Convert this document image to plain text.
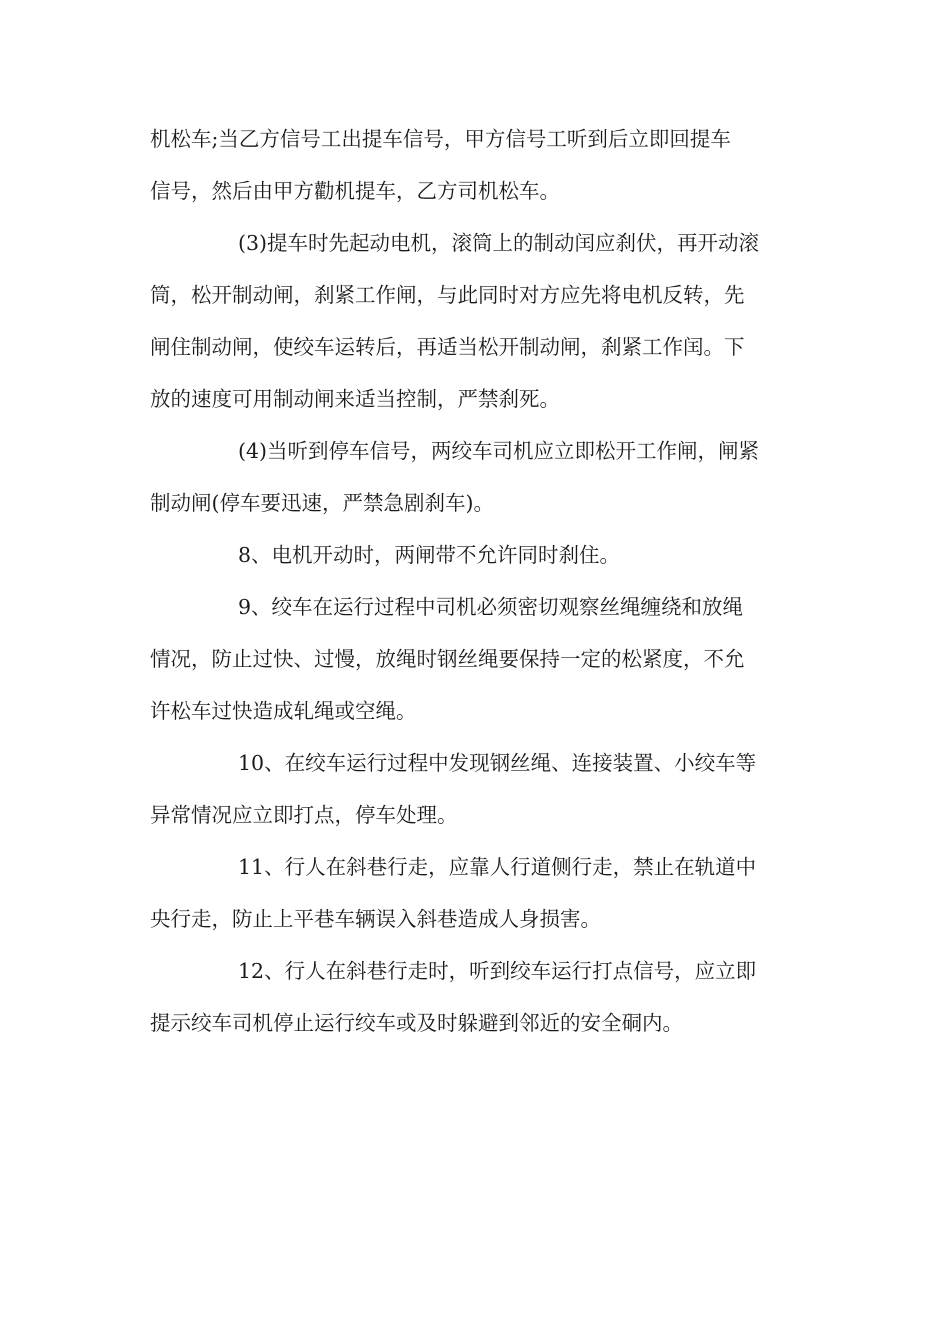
机松车;当乙方信号工出提车信号，甲方信号工听到后立即回提车
信号，然后由甲方勸机提车，乙方司机松车。
(3)提车时先起动电机，滚筒上的制动闰应刹伏，再开动滚
筒，松开制动闸，刹紧工作闸，与此同时对方应先将电机反转，先
闸住制动闸，使绞车运转后，再适当松开制动闸，刹紧工作闰。下
放的速度可用制动闸来适当控制，严禁刹死。
(4)当听到停车信号，两绞车司机应立即松开工作闸，闸紧
制动闸(停车要迅速，严禁急剧刹车)。
8、电机开动时，两闸带不允许同时刹住。
9、绞车在运行过程中司机必须密切观察丝绳缠绕和放绳
情况，防止过快、过慢，放绳时钢丝绳要保持一定的松紧度，不允
许松车过快造成轧绳或空绳。
10、在绞车运行过程中发现钢丝绳、连接装置、小绞车等
异常情况应立即打点，停车处理。
11、行人在斜巷行走，应靠人行道侧行走，禁止在轨道中
央行走，防止上平巷车辆误入斜巷造成人身损害。
12、行人在斜巷行走时，听到绞车运行打点信号，应立即
提示绞车司机停止运行绞车或及时躲避到邻近的安全硐内。
